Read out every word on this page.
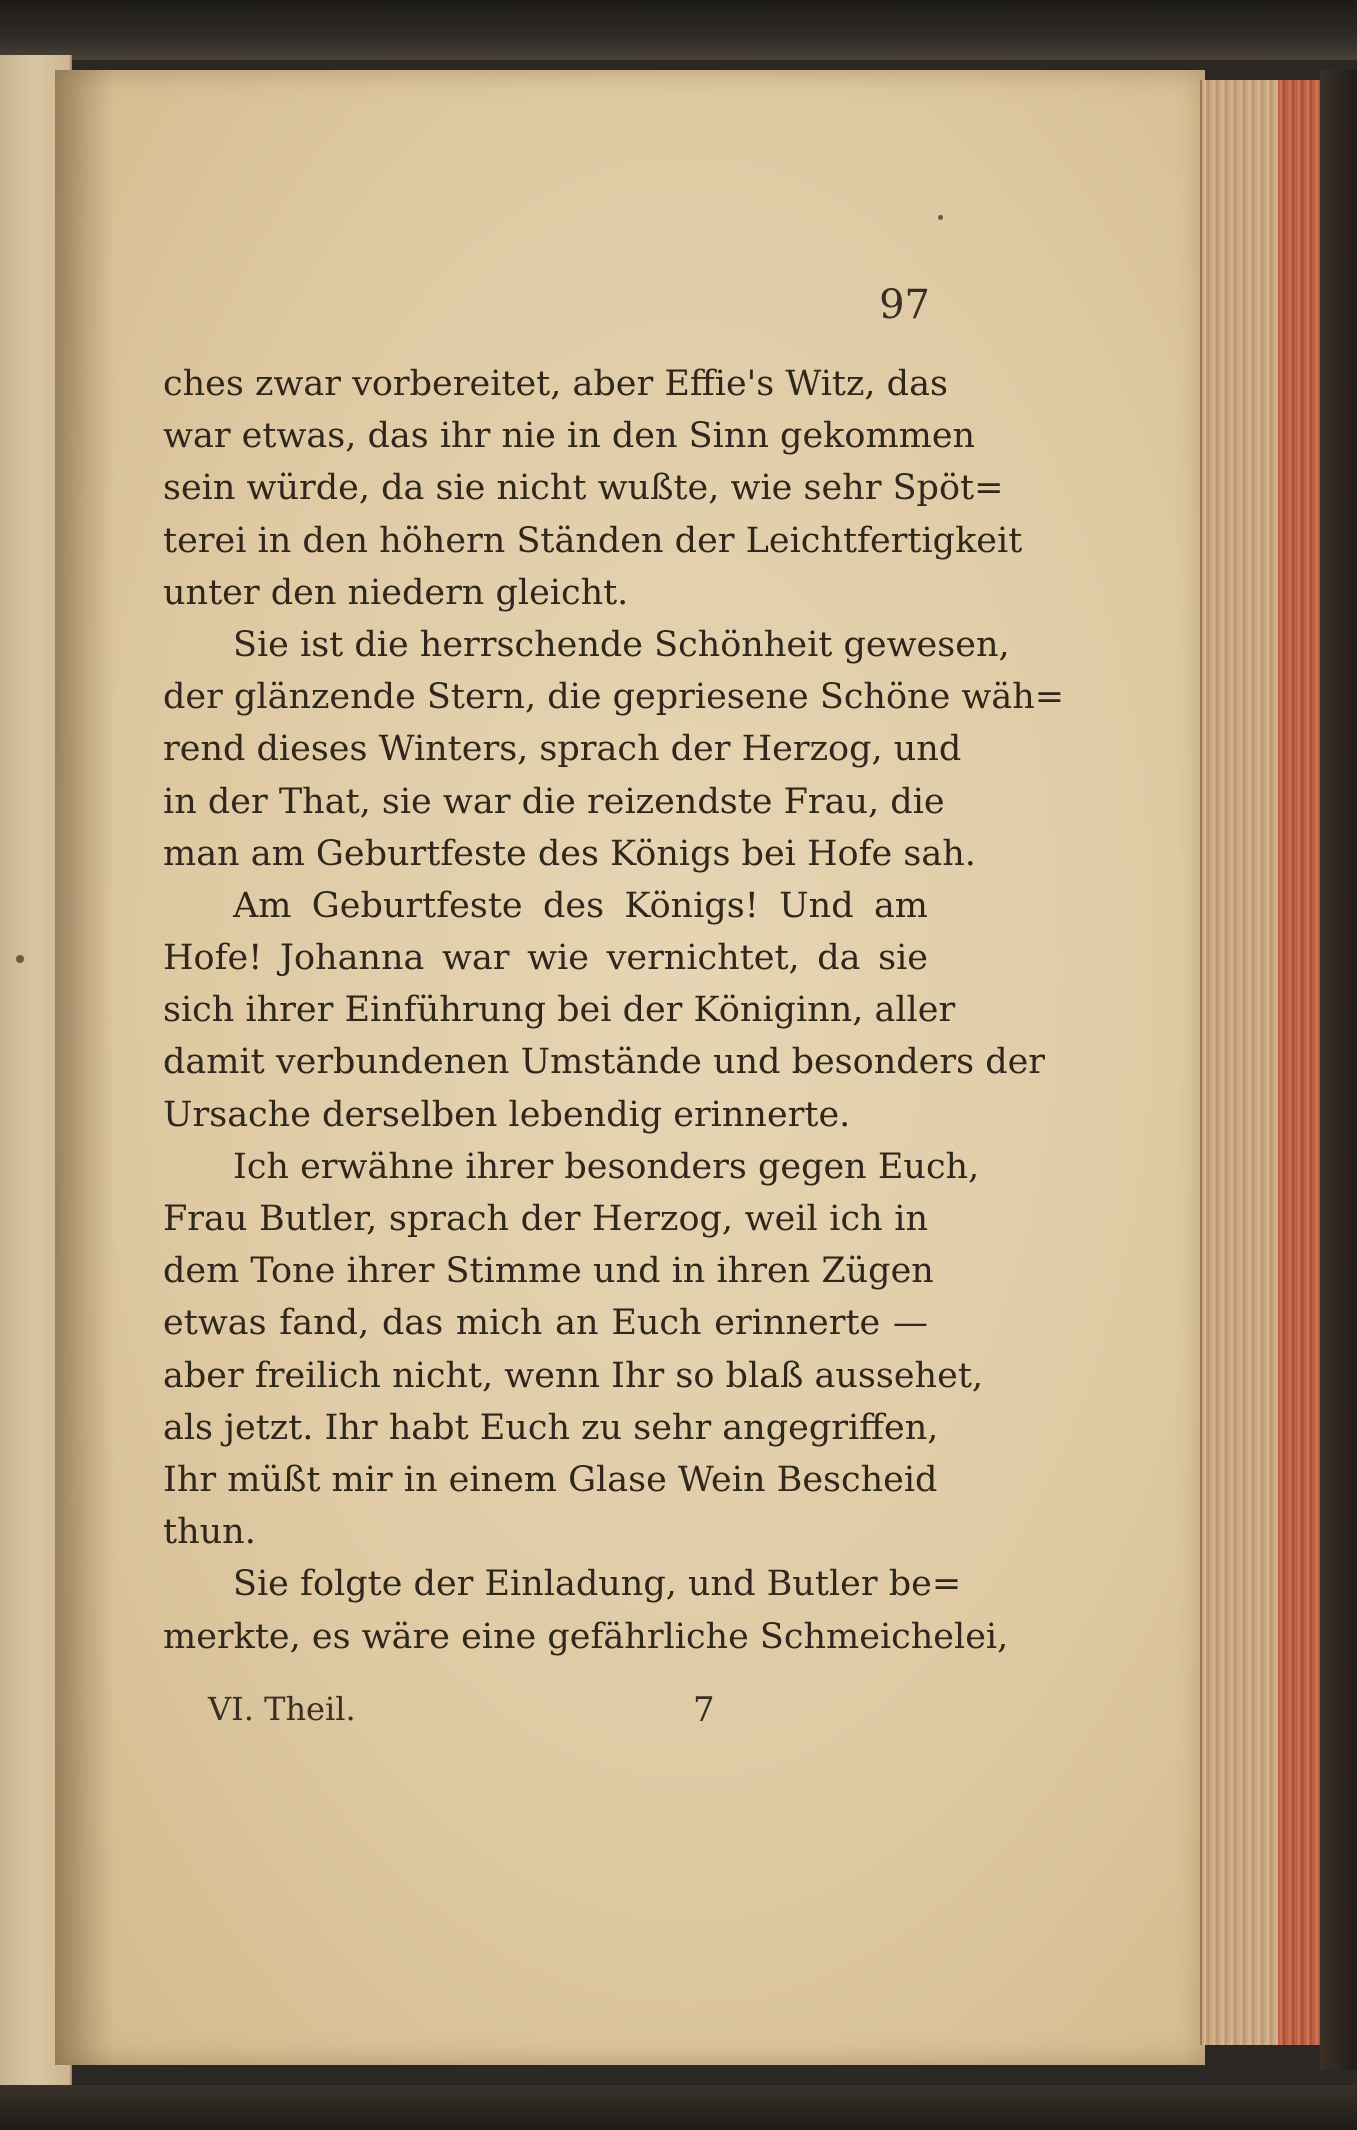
97
ches zwar vorbereitet, aber Effie's Witz, das
war etwas, das ihr nie in den Sinn gekommen
sein würde, da sie nicht wußte, wie sehr Spöt=
terei in den höhern Ständen der Leichtfertigkeit
unter den niedern gleicht.
Sie ist die herrschende Schönheit gewesen,
der glänzende Stern, die gepriesene Schöne wäh=
rend dieses Winters, sprach der Herzog, und
in der That, sie war die reizendste Frau, die
man am Geburtfeste des Königs bei Hofe sah.
Am Geburtfeste des Königs! Und am
Hofe! Johanna war wie vernichtet, da sie
sich ihrer Einführung bei der Königinn, aller
damit verbundenen Umstände und besonders der
Ursache derselben lebendig erinnerte.
Ich erwähne ihrer besonders gegen Euch,
Frau Butler, sprach der Herzog, weil ich in
dem Tone ihrer Stimme und in ihren Zügen
etwas fand, das mich an Euch erinnerte —
aber freilich nicht, wenn Ihr so blaß aussehet,
als jetzt. Ihr habt Euch zu sehr angegriffen,
Ihr müßt mir in einem Glase Wein Bescheid
thun.
Sie folgte der Einladung, und Butler be=
merkte, es wäre eine gefährliche Schmeichelei,
VI. Theil.	7
